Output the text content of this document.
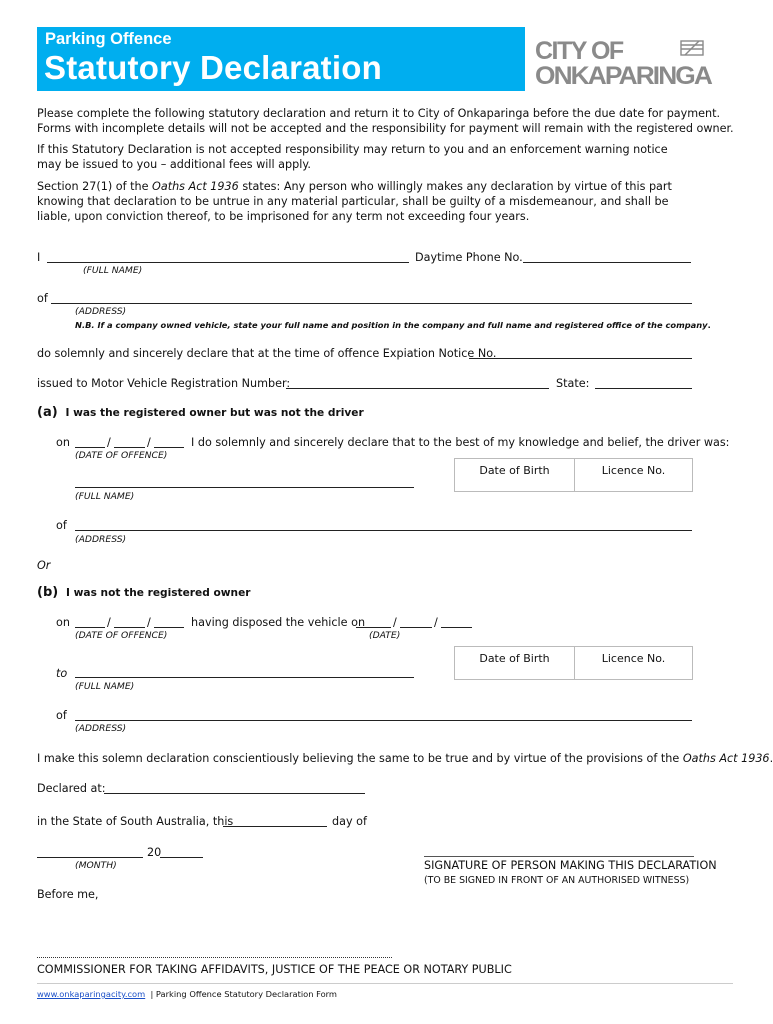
Parking Offence
Statutory Declaration	CITY OF
ONKAPARINGA
Please complete the following statutory declaration and return it to City of Onkaparinga before the due date for payment. Forms with incomplete details will not be accepted and the responsibility for payment will remain with the registered owner.
If this Statutory Declaration is not accepted responsibility may return to you and an enforcement warning notice may be issued to you – additional fees will apply.
Section 27(1) of the Oaths Act 1936 states: Any person who willingly makes any declaration by virtue of this part knowing that declaration to be untrue in any material particular, shall be guilty of a misdemeanour, and shall be liable, upon conviction thereof, to be imprisoned for any term not exceeding four years.
I	Daytime Phone No.
(FULL NAME)
of
(ADDRESS)
N.B. If a company owned vehicle, state your full name and position in the company and full name and registered office of the company.
do solemnly and sincerely declare that at the time of offence Expiation Notice No.
issued to Motor Vehicle Registration Number:	State:
(a) I was the registered owner but was not the driver
on	/	/	I do solemnly and sincerely declare that to the best of my knowledge and belief, the driver was:
(DATE OF OFFENCE)
Date of Birth	Licence No.
(FULL NAME)
of
(ADDRESS)
Or
(b) I was not the registered owner
on	/	/	having disposed the vehicle on /	/
(DATE OF OFFENCE)	(DATE)
Date of Birth	Licence No.
to
(FULL NAME)
of
(ADDRESS)
I make this solemn declaration conscientiously believing the same to be true and by virtue of the provisions of the Oaths Act 1936.
Declared at:
in the State of South Australia, this	day of
20
(MONTH)	SIGNATURE OF PERSON MAKING THIS DECLARATION
(TO BE SIGNED IN FRONT OF AN AUTHORISED WITNESS)
Before me,
COMMISSIONER FOR TAKING AFFIDAVITS, JUSTICE OF THE PEACE OR NOTARY PUBLIC
www.onkaparingacity.com | Parking Offence Statutory Declaration Form
